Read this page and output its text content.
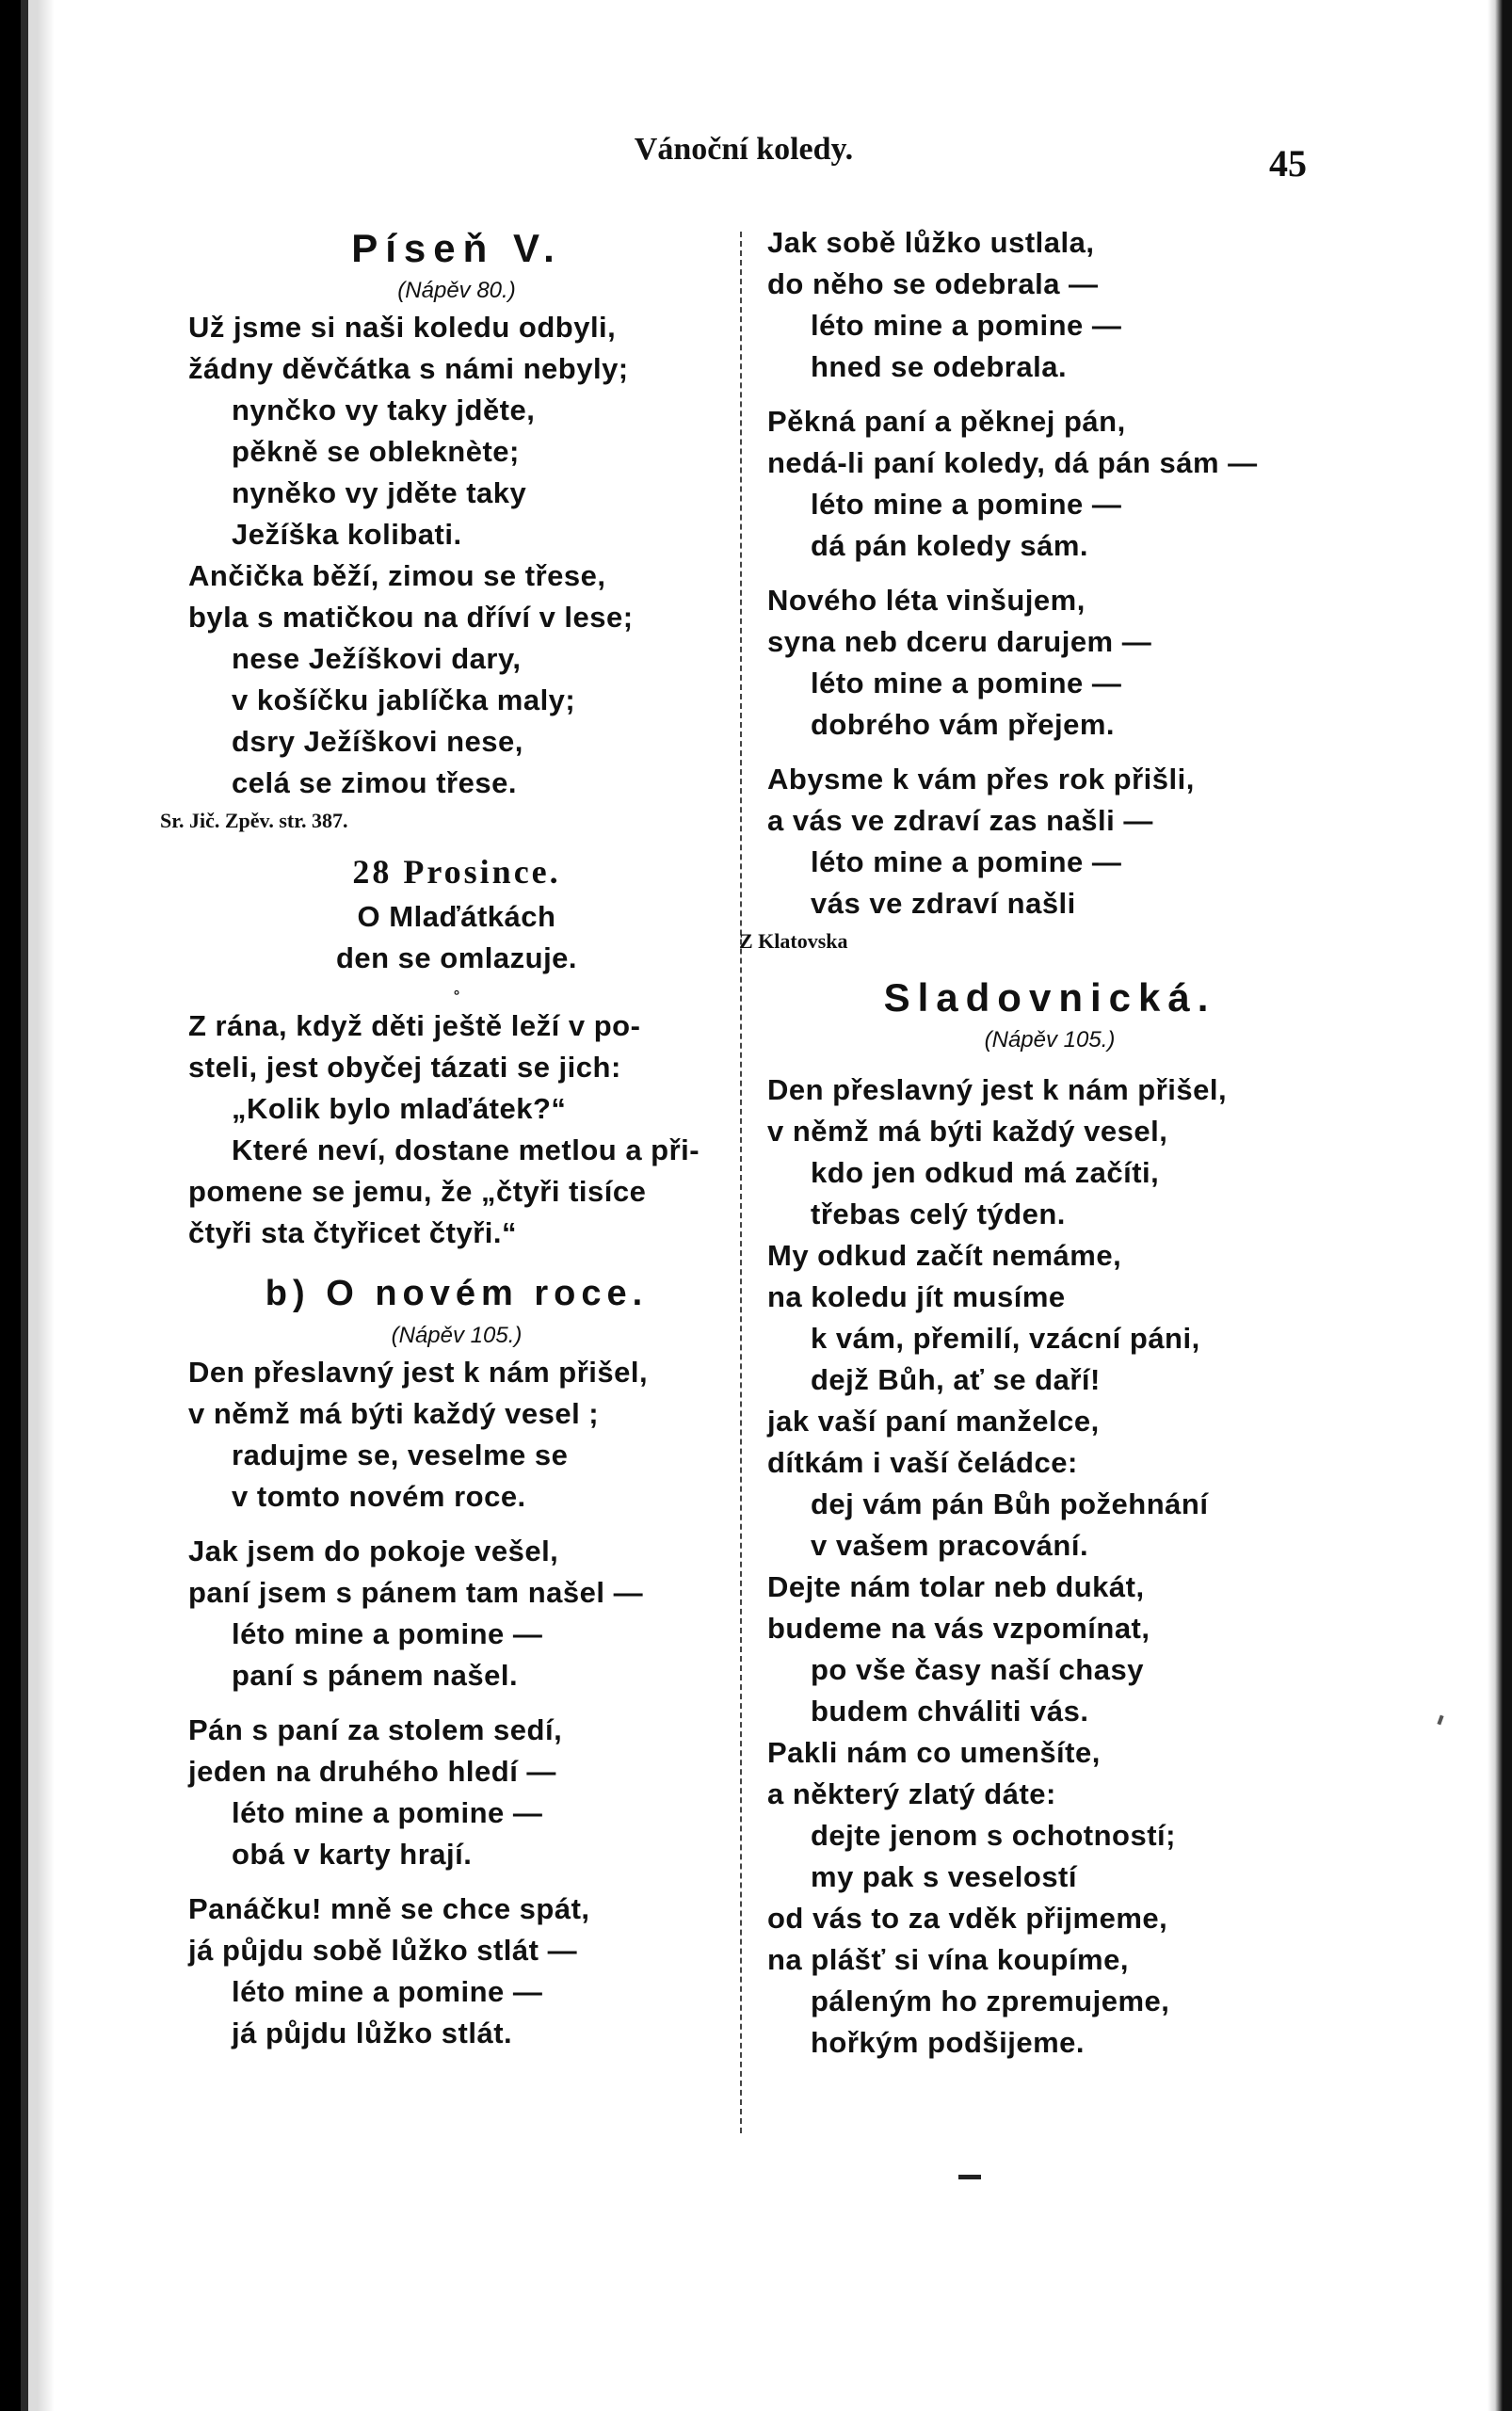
Vánoční koledy.	45
Píseň V.
(Nápěv 80.)
Už jsme si naši koledu odbyli,
žádny děvčátka s námi nebyly;
nynčko vy taky jděte,
pěkně se obleknète;
nyněko vy jděte taky
Ježíška kolibati.
Ančička běží, zimou se třese,
byla s matičkou na dříví v lese;
nese Ježíškovi dary,
v košíčku jablíčka maly;
dsry Ježíškovi nese,
celá se zimou třese.
Sr. Jič. Zpěv. str. 387.
28 Prosince.
O Mlaďátkách
den se omlazuje.
∘
Z rána, když děti ještě leží v po-
steli, jest obyčej tázati se jich:
„Kolik bylo mlaďátek?“
Které neví, dostane metlou a při-
pomene se jemu, že „čtyři tisíce
čtyři sta čtyřicet čtyři.“
b) O novém roce.
(Nápěv 105.)
Den přeslavný jest k nám přišel,
v němž má býti každý vesel ;
radujme se, veselme se
v tomto novém roce.
Jak jsem do pokoje vešel,
paní jsem s pánem tam našel —
léto mine a pomine —
paní s pánem našel.
Pán s paní za stolem sedí,
jeden na druhého hledí —
léto mine a pomine —
obá v karty hrají.
Panáčku! mně se chce spát,
já půjdu sobě lůžko stlát —
léto mine a pomine —
já půjdu lůžko stlát.
Jak sobě lůžko ustlala,
do něho se odebrala —
léto mine a pomine —
hned se odebrala.
Pěkná paní a pěknej pán,
nedá-li paní koledy, dá pán sám —
léto mine a pomine —
dá pán koledy sám.
Nového léta vinšujem,
syna neb dceru darujem —
léto mine a pomine —
dobrého vám přejem.
Abysme k vám přes rok přišli,
a vás ve zdraví zas našli —
léto mine a pomine —
vás ve zdraví našli
Z Klatovska
Sladovnická.
(Nápěv 105.)
Den přeslavný jest k nám přišel,
v němž má býti každý vesel,
kdo jen odkud má začíti,
třebas celý týden.
My odkud začít nemáme,
na koledu jít musíme
k vám, přemilí, vzácní páni,
dejž Bůh, ať se daří!
jak vaší paní manželce,
dítkám i vaší čeládce:
dej vám pán Bůh požehnání
v vašem pracování.
Dejte nám tolar neb dukát,
budeme na vás vzpomínat,
po vše časy naší chasy
budem chváliti vás.
Pakli nám co umenšíte,
a některý zlatý dáte:
dejte jenom s ochotností;
my pak s veselostí
od vás to za vděk přijmeme,
na plášť si vína koupíme,
páleným ho zpremujeme,
hořkým podšijeme.
